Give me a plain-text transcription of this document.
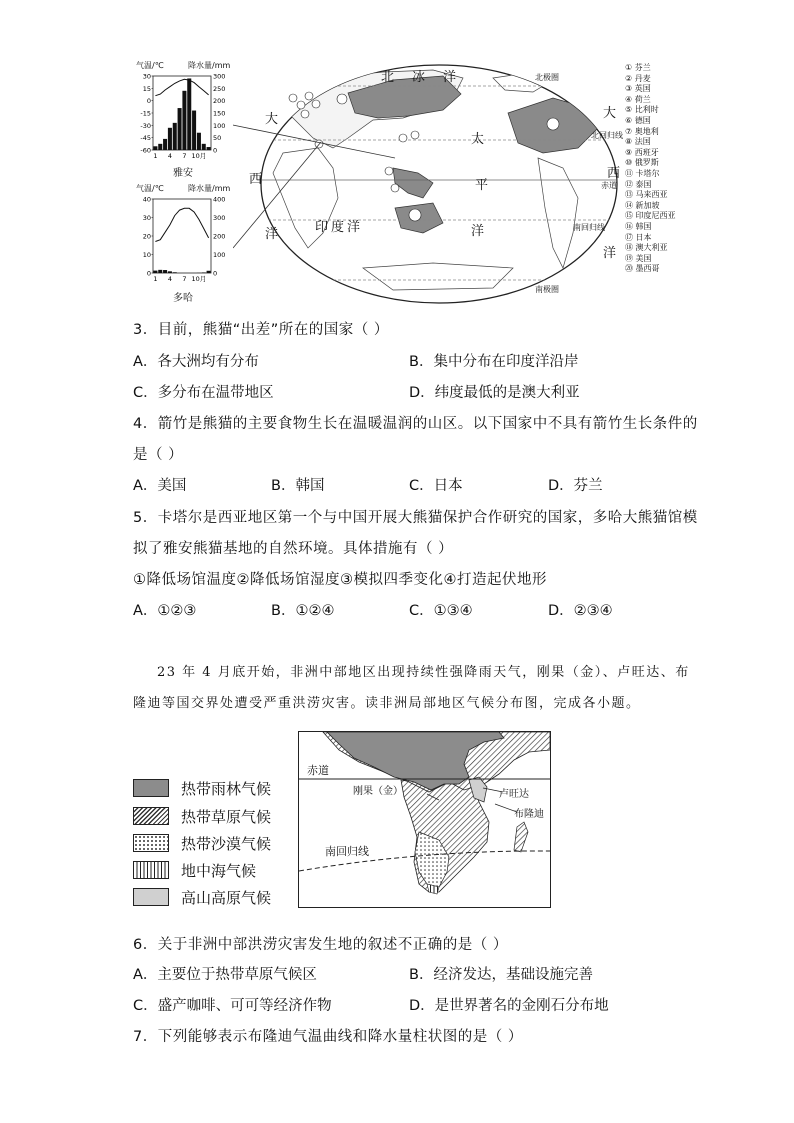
北冰洋
太
平
洋
大
西
洋	印度洋
大
西
洋
北极圈
北回归线
赤道
南回归线
南极圈
气温/℃	降水量/mm
30
15
0
-15
-30
-45
-60
300
250
200
150
100
50
0
1 4 7 10月
雅安
气温/℃	降水量/mm
40
30
20
10
0
400
300
200
100
0
1 4 7 10月
多哈
① 芬兰
② 丹麦
③ 英国
④ 荷兰
⑤ 比利时
⑥ 德国
⑦ 奥地利
⑧ 法国
⑨ 西班牙
⑩ 俄罗斯
⑪ 卡塔尔
⑫ 泰国
⑬ 马来西亚
⑭ 新加坡
⑮ 印度尼西亚
⑯ 韩国
⑰ 日本
⑱ 澳大利亚
⑲ 美国
⑳ 墨西哥
3．目前，熊猫“出差”所在的国家（ ）
A．各大洲均有分布	B．集中分布在印度洋沿岸
C．多分布在温带地区	D．纬度最低的是澳大利亚
4．箭竹是熊猫的主要食物生长在温暖温润的山区。以下国家中不具有箭竹生长条件的
是（ ）
A．美国	B．韩国	C．日本	D．芬兰
5．卡塔尔是西亚地区第一个与中国开展大熊猫保护合作研究的国家，多哈大熊猫馆模
拟了雅安熊猫基地的自然环境。具体措施有（ ）
①降低场馆温度②降低场馆湿度③模拟四季变化④打造起伏地形
A．①②③	B．①②④	C．①③④	D．②③④
23 年 4 月底开始，非洲中部地区出现持续性强降雨天气，刚果（金）、卢旺达、布
隆迪等国交界处遭受严重洪涝灾害。读非洲局部地区气候分布图，完成各小题。
热带雨林气候
热带草原气候
热带沙漠气候
地中海气候
高山高原气候
赤道
刚果（金）	卢旺达
布隆迪
南回归线
6．关于非洲中部洪涝灾害发生地的叙述不正确的是（ ）
A．主要位于热带草原气候区	B．经济发达，基础设施完善
C．盛产咖啡、可可等经济作物	D．是世界著名的金刚石分布地
7．下列能够表示布隆迪气温曲线和降水量柱状图的是（ ）
